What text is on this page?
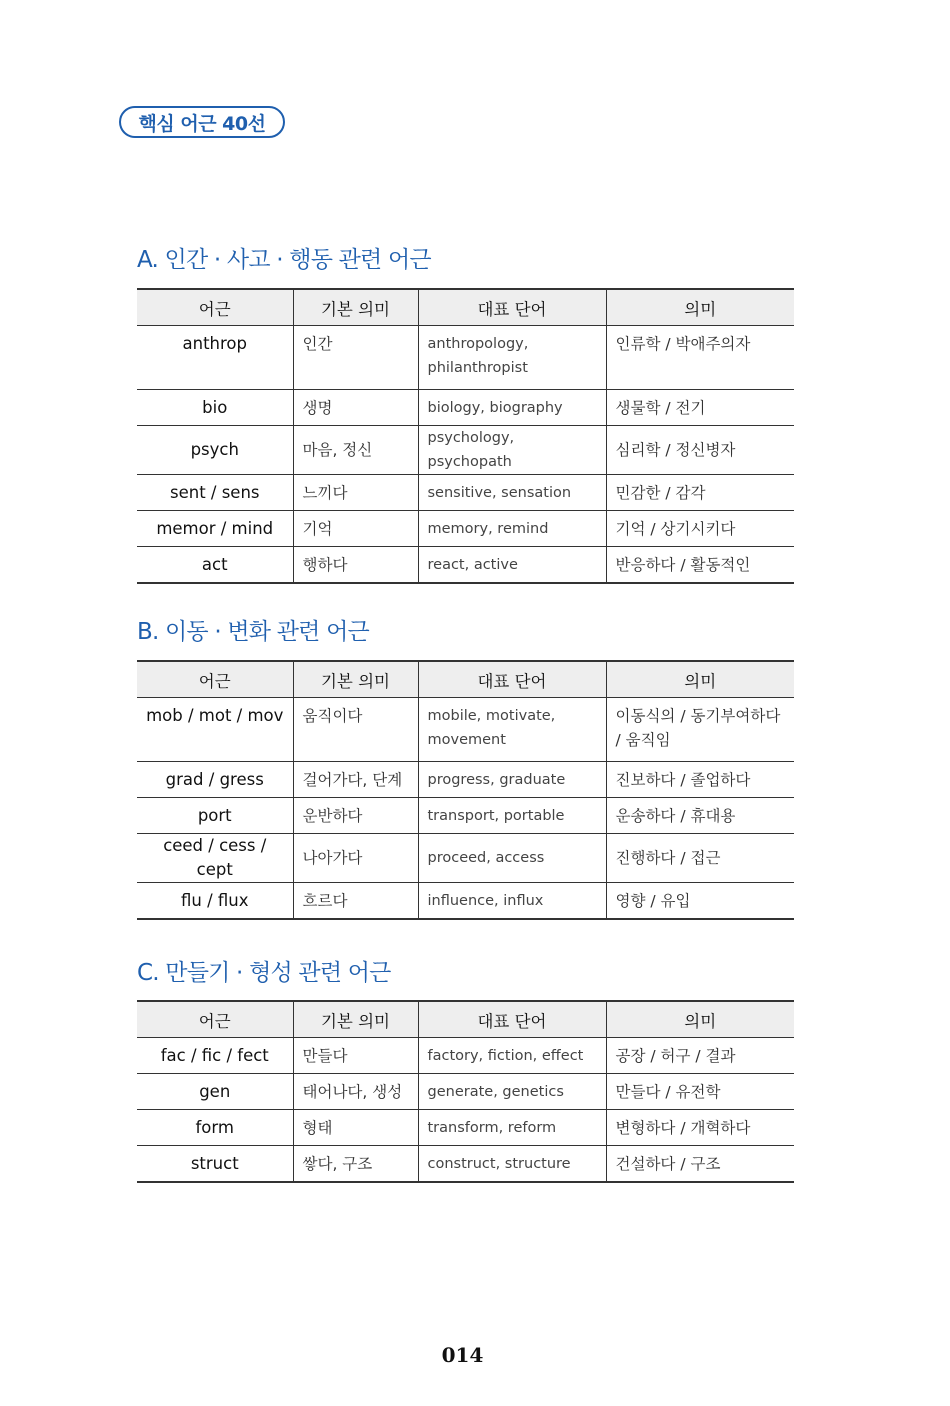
핵심 어근 40선
A. 인간 · 사고 · 행동 관련 어근
어근	기본 의미	대표 단어	의미
anthrop	인간	anthropology, philanthropist	인류학 / 박애주의자
bio	생명	biology, biography	생물학 / 전기
psych	마음, 정신	psychology, psychopath	심리학 / 정신병자
sent / sens	느끼다	sensitive, sensation	민감한 / 감각
memor / mind	기억	memory, remind	기억 / 상기시키다
act	행하다	react, active	반응하다 / 활동적인
B. 이동 · 변화 관련 어근
어근	기본 의미	대표 단어	의미
mob / mot / mov	움직이다	mobile, motivate, movement	이동식의 / 동기부여하다 / 움직임
grad / gress	걸어가다, 단계	progress, graduate	진보하다 / 졸업하다
port	운반하다	transport, portable	운송하다 / 휴대용
ceed / cess / cept	나아가다	proceed, access	진행하다 / 접근
flu / flux	흐르다	influence, influx	영향 / 유입
C. 만들기 · 형성 관련 어근
어근	기본 의미	대표 단어	의미
fac / fic / fect	만들다	factory, fiction, effect	공장 / 허구 / 결과
gen	태어나다, 생성	generate, genetics	만들다 / 유전학
form	형태	transform, reform	변형하다 / 개혁하다
struct	쌓다, 구조	construct, structure	건설하다 / 구조
014
